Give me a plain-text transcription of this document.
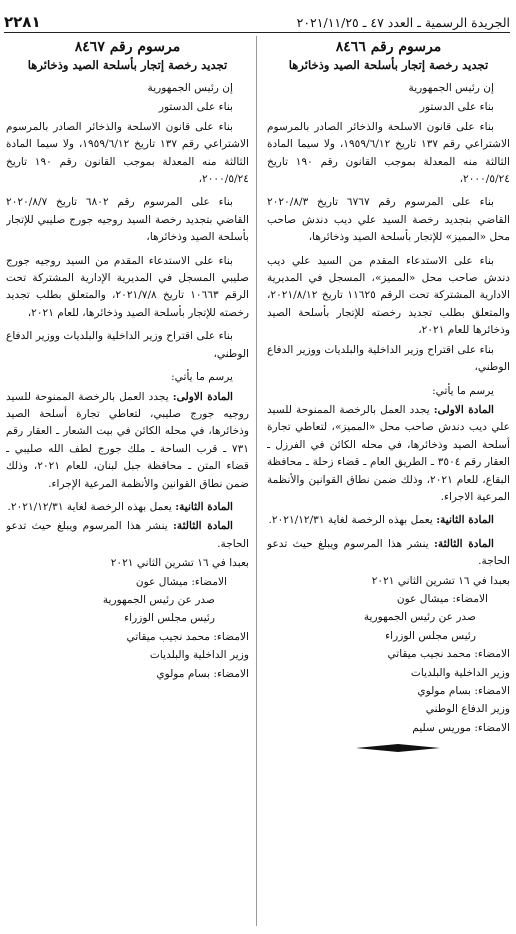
الجريدة الرسمية ـ العدد ٤٧ ـ ٢٠٢١/١١/٢٥
٢٢٨١
مرسوم رقم ٨٤٦٦
تجديد رخصة إتجار بأسلحة الصيد وذخائرها
إن رئيس الجمهورية
بناء على الدستور
بناء على قانون الاسلحة والذخائر الصادر بالمرسوم الاشتراعي رقم ١٣٧ تاريخ ١٩٥٩/٦/١٢، ولا سيما المادة الثالثة منه المعدلة بموجب القانون رقم ١٩٠ تاريخ ٢٠٠٠/٥/٢٤،
بناء على المرسوم رقم ٦٧٦٧ تاريخ ٢٠٢٠/٨/٣ القاضي بتجديد رخصة السيد علي ديب دندش صاحب محل «المميز» للإتجار بأسلحة الصيد وذخائرها،
بناء على الاستدعاء المقدم من السيد علي ديب دندش صاحب محل «المميز»، المسجل في المديرية الادارية المشتركة تحت الرقم ١١٦٢٥ تاريخ ٢٠٢١/٨/١٢، والمتعلق بطلب تجديد رخصته للإتجار بأسلحة الصيد وذخائرها للعام ٢٠٢١،
بناء على اقتراح وزير الداخلية والبلديات ووزير الدفاع الوطني،
يرسم ما يأتي:
المادة الاولى: يجدد العمل بالرخصة الممنوحة للسيد علي ديب دندش صاحب محل «المميز»، لتعاطي تجارة أسلحة الصيد وذخائرها، في محله الكائن في الفرزل ـ العقار رقم ٣٥٠٤ ـ الطريق العام ـ قضاء زحلة ـ محافظة البقاع، للعام ٢٠٢١، وذلك ضمن نطاق القوانين والأنظمة المرعية الاجراء.
المادة الثانية: يعمل بهذه الرخصة لغاية ٢٠٢١/١٢/٣١.
المادة الثالثة: ينشر هذا المرسوم ويبلغ حيث تدعو الحاجة.
بعبدا في ١٦ تشرين الثاني ٢٠٢١
الامضاء: ميشال عون
صدر عن رئيس الجمهورية
رئيس مجلس الوزراء
الامضاء: محمد نجيب ميقاتي
وزير الداخلية والبلديات
الامضاء: بسام مولوي
وزير الدفاع الوطني
الامضاء: موريس سليم
مرسوم رقم ٨٤٦٧
تجديد رخصة إتجار بأسلحة الصيد وذخائرها
إن رئيس الجمهورية
بناء على الدستور
بناء على قانون الاسلحة والذخائر الصادر بالمرسوم الاشتراعي رقم ١٣٧ تاريخ ١٩٥٩/٦/١٢، ولا سيما المادة الثالثة منه المعدلة بموجب القانون رقم ١٩٠ تاريخ ٢٠٠٠/٥/٢٤،
بناء على المرسوم رقم ٦٨٠٢ تاريخ ٢٠٢٠/٨/٧ القاضي بتجديد رخصة السيد روجيه جورج صليبي للإتجار بأسلحة الصيد وذخائرها،
بناء على الاستدعاء المقدم من السيد روجيه جورج صليبي المسجل في المديرية الإدارية المشتركة تحت الرقم ١٠٦٦٣ تاريخ ٢٠٢١/٧/٨، والمتعلق بطلب تجديد رخصته للإتجار بأسلحة الصيد وذخائرها، للعام ٢٠٢١،
بناء على اقتراح وزير الداخلية والبلديات ووزير الدفاع الوطني،
يرسم ما يأتي:
المادة الاولى: يجدد العمل بالرخصة الممنوحة للسيد روجيه جورج صليبي، لتعاطي تجارة أسلحة الصيد وذخائرها، في محله الكائن في بيت الشعار ـ العقار رقم ٧٣١ ـ قرب الساحة ـ ملك جورج لطف الله صليبي ـ قضاء المتن ـ محافظة جبل لبنان، للعام ٢٠٢١، وذلك ضمن نطاق القوانين والأنظمة المرعية الإجراء.
المادة الثانية: يعمل بهذه الرخصة لغاية ٢٠٢١/١٢/٣١.
المادة الثالثة: ينشر هذا المرسوم ويبلغ حيث تدعو الحاجة.
بعبدا في ١٦ تشرين الثاني ٢٠٢١
الامضاء: ميشال عون
صدر عن رئيس الجمهورية
رئيس مجلس الوزراء
الامضاء: محمد نجيب ميقاتي
وزير الداخلية والبلديات
الامضاء: بسام مولوي
